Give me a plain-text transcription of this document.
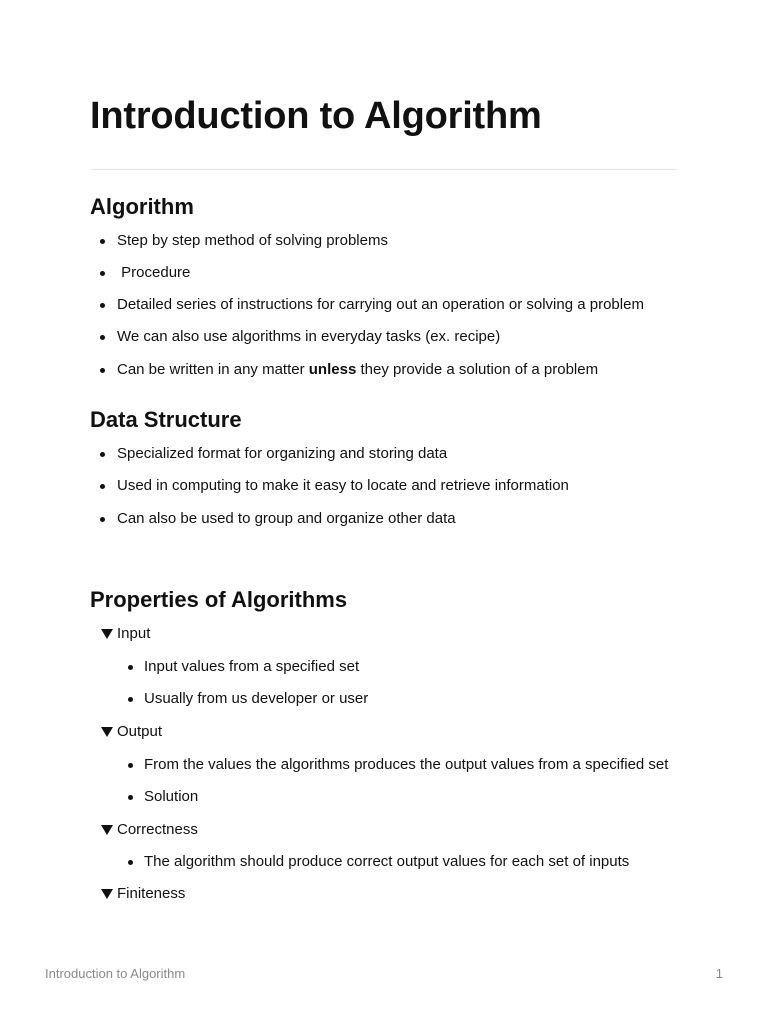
Introduction to Algorithm
Algorithm
Step by step method of solving problems
Procedure
Detailed series of instructions for carrying out an operation or solving a problem
We can also use algorithms in everyday tasks (ex. recipe)
Can be written in any matter unless they provide a solution of a problem
Data Structure
Specialized format for organizing and storing data
Used in computing to make it easy to locate and retrieve information
Can also be used to group and organize other data
Properties of Algorithms
Input
Input values from a specified set
Usually from us developer or user
Output
From the values the algorithms produces the output values from a specified set
Solution
Correctness
The algorithm should produce correct output values for each set of inputs
Finiteness
Introduction to Algorithm	1
